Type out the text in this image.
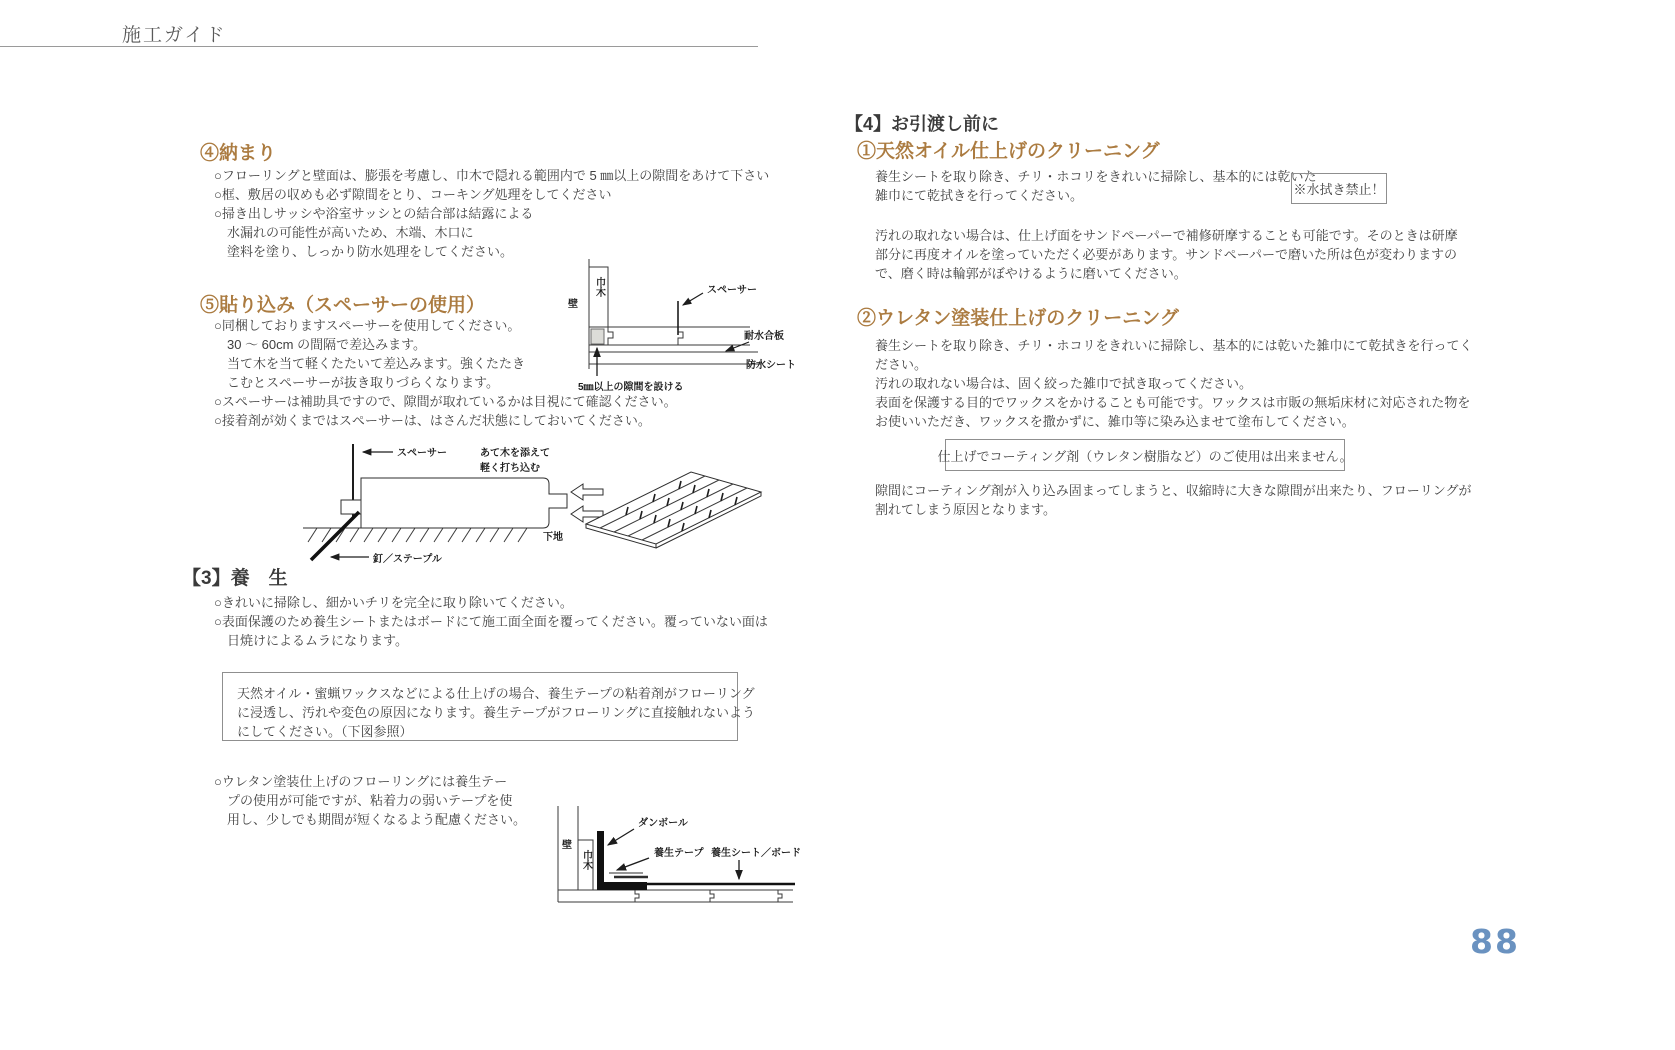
施工ガイド
④納まり
○フローリングと壁面は、膨張を考慮し、巾木で隠れる範囲内で 5 ㎜以上の隙間をあけて下さい
○框、敷居の収めも必ず隙間をとり、コーキング処理をしてください
○掃き出しサッシや浴室サッシとの結合部は結露による
　水漏れの可能性が高いため、木端、木口に
　塗料を塗り、しっかり防水処理をしてください。
⑤貼り込み（スペーサーの使用）
○同梱しておりますスペーサーを使用してください。
　30 〜 60cm の間隔で差込みます。
　当て木を当て軽くたたいて差込みます。強くたたき
　こむとスペーサーが抜き取りづらくなります。
○スペーサーは補助具ですので、隙間が取れているかは目視にて確認ください。
○接着剤が効くまではスペーサーは、はさんだ状態にしておいてください。
壁
巾木	スペーサー
耐水合板
防水シート
5㎜以上の隙間を設ける
スペーサー	あて木を添えて
軽く打ち込む
下地
釘／ステープル
【3】養　生
○きれいに掃除し、細かいチリを完全に取り除いてください。
○表面保護のため養生シートまたはボードにて施工面全面を覆ってください。覆っていない面は
　日焼けによるムラになります。
天然オイル・蜜蝋ワックスなどによる仕上げの場合、養生テープの粘着剤がフローリング
に浸透し、汚れや変色の原因になります。養生テープがフローリングに直接触れないよう
にしてください。（下図参照）
○ウレタン塗装仕上げのフローリングには養生テー
　プの使用が可能ですが、粘着力の弱いテープを使
　用し、少しでも期間が短くなるよう配慮ください。
壁
巾木
ダンボール
養生テープ 養生シート／ボード
【4】お引渡し前に
①天然オイル仕上げのクリーニング
養生シートを取り除き、チリ・ホコリをきれいに掃除し、基本的には乾いた
雑巾にて乾拭きを行ってください。	※水拭き禁止！
汚れの取れない場合は、仕上げ面をサンドペーパーで補修研摩することも可能です。そのときは研摩
部分に再度オイルを塗っていただく必要があります。サンドペーパーで磨いた所は色が変わりますの
で、磨く時は輪郭がぼやけるように磨いてください。
②ウレタン塗装仕上げのクリーニング
養生シートを取り除き、チリ・ホコリをきれいに掃除し、基本的には乾いた雑巾にて乾拭きを行ってく
ださい。
汚れの取れない場合は、固く絞った雑巾で拭き取ってください。
表面を保護する目的でワックスをかけることも可能です。ワックスは市販の無垢床材に対応された物を
お使いいただき、ワックスを撒かずに、雑巾等に染み込ませて塗布してください。
仕上げでコーティング剤（ウレタン樹脂など）のご使用は出来ません。
隙間にコーティング剤が入り込み固まってしまうと、収縮時に大きな隙間が出来たり、フローリングが
割れてしまう原因となります。
88
